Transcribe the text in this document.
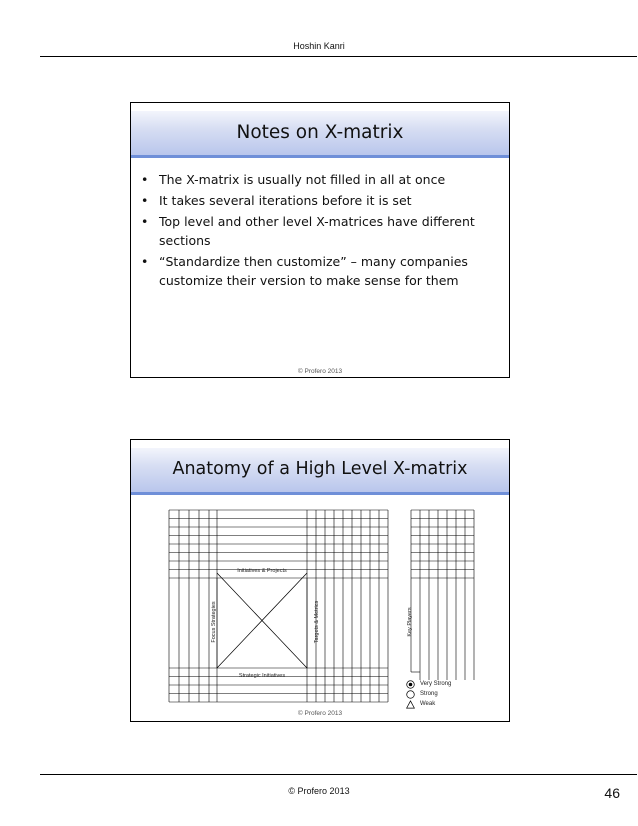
Hoshin Kanri
Notes on X-matrix
• The X-matrix is usually not filled in all at once
• It takes several iterations before it is set
• Top level and other level X-matrices have different sections
• “Standardize then customize” – many companies customize their version to make sense for them
© Profero 2013
Anatomy of a High Level X-matrix
Initiatives & Projects
Strategic Initiatives
Focus Strategies	Targets & Metrics	Key Players
Very Strong
Strong
Weak
© Profero 2013
© Profero 2013	46
